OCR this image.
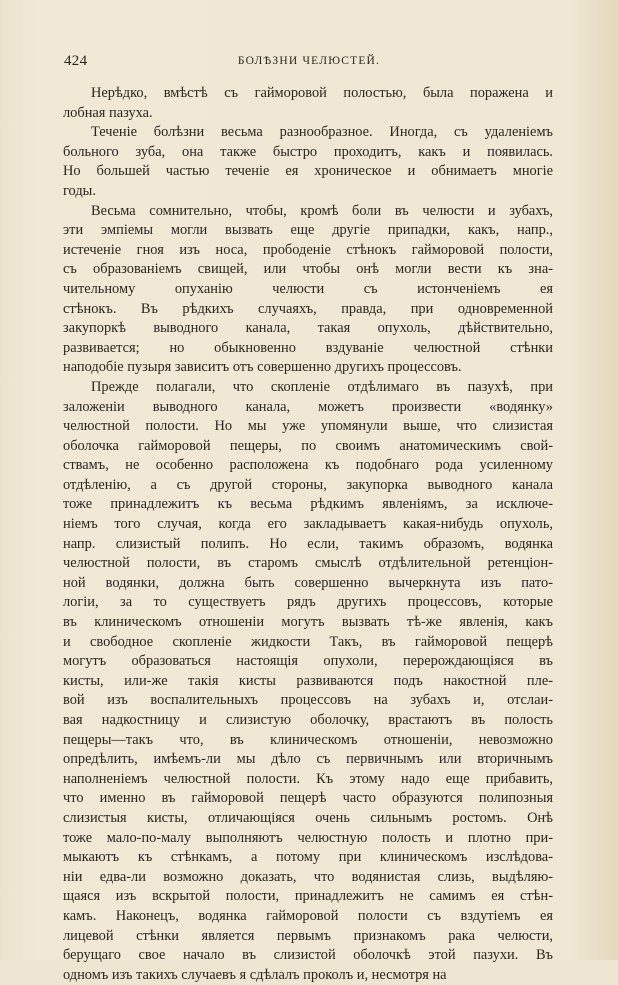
424	БОЛѢЗНИ ЧЕЛЮСТЕЙ.
Нерѣдко, вмѣстѣ съ гайморовой полостью, была поражена и
лобная пазуха.
Теченіе болѣзни весьма разнообразное. Иногда, съ удаленіемъ
больного зуба, она также быстро проходитъ, какъ и появилась.
Но большей частью теченіе ея хроническое и обнимаетъ многіе
годы.
Весьма сомнительно, чтобы, кромѣ боли въ челюсти и зубахъ,
эти эмпіемы могли вызвать еще другіе припадки, какъ, напр.,
истеченіе гноя изъ носа, прободеніе стѣнокъ гайморовой полости,
съ образованіемъ свищей, или чтобы онѣ могли вести къ зна-
чительному опуханію челюсти съ истонченіемъ ея
стѣнокъ. Въ рѣдкихъ случаяхъ, правда, при одновременной
закупоркѣ выводного канала, такая опухоль, дѣйствительно,
развивается; но обыкновенно вздуваніе челюстной стѣнки
наподобіе пузыря зависитъ отъ совершенно другихъ процессовъ.
Прежде полагали, что скопленіе отдѣлимаго въ пазухѣ, при
заложеніи выводного канала, можетъ произвести «водянку»
челюстной полости. Но мы уже упомянули выше, что слизистая
оболочка гайморовой пещеры, по своимъ анатомическимъ свой-
ствамъ, не особенно расположена къ подобнаго рода усиленному
отдѣленію, а съ другой стороны, закупорка выводного канала
тоже принадлежитъ къ весьма рѣдкимъ явленіямъ, за исключе-
ніемъ того случая, когда его закладываетъ какая-нибудь опухоль,
напр. слизистый полипъ. Но если, такимъ образомъ, водянка
челюстной полости, въ старомъ смыслѣ отдѣлительной ретенціон-
ной водянки, должна быть совершенно вычеркнута изъ пато-
логіи, за то существуетъ рядъ другихъ процессовъ, которые
въ клиническомъ отношеніи могутъ вызвать тѣ-же явленія, какъ
и свободное скопленіе жидкости Такъ, въ гайморовой пещерѣ
могутъ образоваться настоящія опухоли, перерождающіяся въ
кисты, или-же такія кисты развиваются подъ накостной пле-
вой изъ воспалительныхъ процессовъ на зубахъ и, отслаи-
вая надкостницу и слизистую оболочку, врастаютъ въ полость
пещеры—такъ что, въ клиническомъ отношеніи, невозможно
опредѣлить, имѣемъ-ли мы дѣло съ первичнымъ или вторичнымъ
наполненіемъ челюстной полости. Къ этому надо еще прибавить,
что именно въ гайморовой пещерѣ часто образуются полипозныя
слизистыя кисты, отличающіяся очень сильнымъ ростомъ. Онѣ
тоже мало-по-малу выполняютъ челюстную полость и плотно при-
мыкаютъ къ стѣнкамъ, а потому при клиническомъ изслѣдова-
ніи едва-ли возможно доказать, что водянистая слизь, выдѣляю-
щаяся изъ вскрытой полости, принадлежитъ не самимъ ея стѣн-
камъ. Наконецъ, водянка гайморовой полости съ вздутіемъ ея
лицевой стѣнки является первымъ признакомъ рака челюсти,
берущаго свое начало въ слизистой оболочкѣ этой пазухи. Въ
одномъ изъ такихъ случаевъ я сдѣлалъ проколъ и, несмотря на
